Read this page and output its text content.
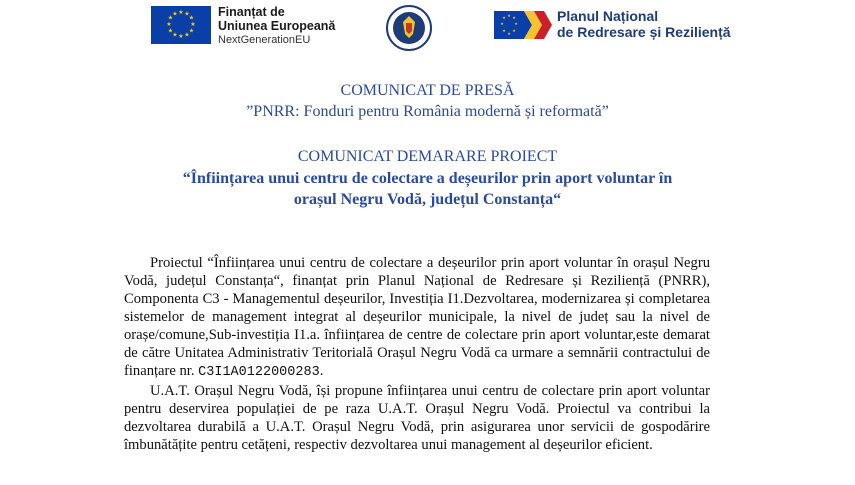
★ ★
★
★
★
★
★
★
★
★
★
★	Finanțat de
Uniunea Europeană
NextGenerationEU
★ ★
★
★
★
★
★
★	Planul Național
de Redresare și Reziliență
COMUNICAT DE PRESĂ
”PNRR: Fonduri pentru România modernă și reformată”
COMUNICAT DEMARARE PROIECT
“Înființarea unui centru de colectare a deșeurilor prin aport voluntar în
orașul Negru Vodă, județul Constanța“

Proiectul “Înființarea unui centru de colectare a deșeurilor prin aport voluntar în orașul Negru Vodă, județul Constanța“, finanțat prin Planul Național de Redresare și Reziliență (PNRR), Componenta C3 - Managementul deșeurilor, Investiția I1.Dezvoltarea, modernizarea și completarea sistemelor de management integrat al deșeurilor municipale, la nivel de județ sau la nivel de orașe/comune,Sub-investiția I1.a. înființarea de centre de colectare prin aport voluntar,este demarat de către Unitatea Administrativ Teritorială Orașul Negru Vodă ca urmare a semnării contractului de finanțare nr. C3I1A0122000283.

U.A.T. Orașul Negru Vodă, își propune înființarea unui centru de colectare prin aport voluntar pentru deservirea populației de pe raza U.A.T. Orașul Negru Vodă. Proiectul va contribui la dezvoltarea durabilă a U.A.T. Orașul Negru Vodă, prin asigurarea unor servicii de gospodărire îmbunătățite pentru cetățeni, respectiv dezvoltarea unui management al deșeurilor eficient.
